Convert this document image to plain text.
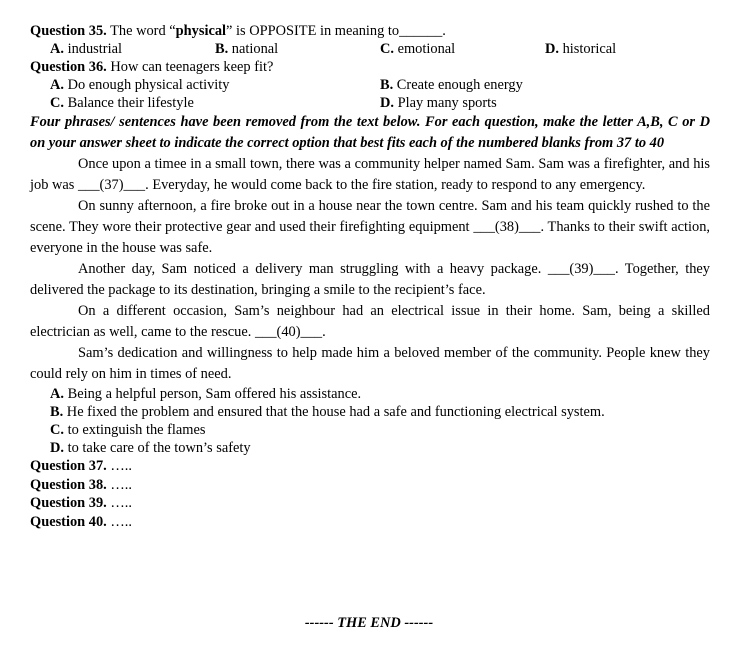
Question 35. The word “physical” is OPPOSITE in meaning to______.
A. industrial	B. national	C. emotional	D. historical
Question 36. How can teenagers keep fit?
A. Do enough physical activity	B. Create enough energy
C. Balance their lifestyle	D. Play many sports
Four phrases/ sentences have been removed from the text below. For each question, make the letter A,B, C or D on your answer sheet to indicate the correct option that best fits each of the numbered blanks from 37 to 40
Once upon a timee in a small town, there was a community helper named Sam. Sam was a firefighter, and his job was ___(37)___. Everyday, he would come back to the fire station, ready to respond to any emergency.
On sunny afternoon, a fire broke out in a house near the town centre. Sam and his team quickly rushed to the scene. They wore their protective gear and used their firefighting equipment ___(38)___. Thanks to their swift action, everyone in the house was safe.
Another day, Sam noticed a delivery man struggling with a heavy package. ___(39)___. Together, they delivered the package to its destination, bringing a smile to the recipient’s face.
On a different occasion, Sam’s neighbour had an electrical issue in their home. Sam, being a skilled electrician as well, came to the rescue. ___(40)___.
Sam’s dedication and willingness to help made him a beloved member of the community. People knew they could rely on him in times of need.
A. Being a helpful person, Sam offered his assistance.
B. He fixed the problem and ensured that the house had a safe and functioning electrical system.
C. to extinguish the flames
D. to take care of the town’s safety
Question 37. …..
Question 38. …..
Question 39. …..
Question 40. …..
------ THE END ------
